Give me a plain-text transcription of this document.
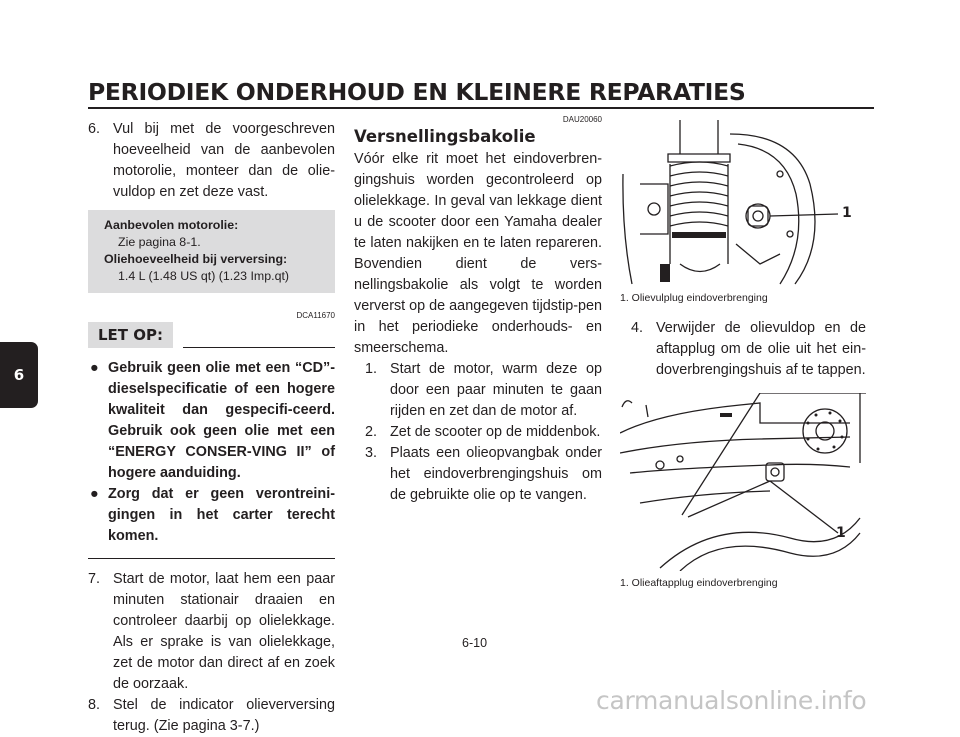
PERIODIEK ONDERHOUD EN KLEINERE REPARATIES
6
6. Vul bij met de voorgeschreven hoeveelheid van de aanbevolen motorolie, monteer dan de olie-vuldop en zet deze vast.
Aanbevolen motorolie:
Zie pagina 8-1.
Oliehoeveelheid bij verversing:
1.4 L (1.48 US qt) (1.23 Imp.qt)
DCA11670
LET OP:
● Gebruik geen olie met een “CD”-dieselspecificatie of een hogere kwaliteit dan gespecifi-ceerd. Gebruik ook geen olie met een “ENERGY CONSER-VING II” of hogere aanduiding.
● Zorg dat er geen verontreini-gingen in het carter terecht komen.
7. Start de motor, laat hem een paar minuten stationair draaien en controleer daarbij op olielekkage. Als er sprake is van olielekkage, zet de motor dan direct af en zoek de oorzaak.
8. Stel de indicator olieverversing terug. (Zie pagina 3-7.)
DAU20060
Versnellingsbakolie

Vóór elke rit moet het eindoverbren-gingshuis worden gecontroleerd op olielekkage. In geval van lekkage dient u de scooter door een Yamaha dealer te laten nakijken en te laten repareren. Bovendien dient de vers-nellingsbakolie als volgt te worden ververst op de aangegeven tijdstip-pen in het periodieke onderhouds- en smeerschema.

1. Start de motor, warm deze op door een paar minuten te gaan rijden en zet dan de motor af.
2. Zet de scooter op de middenbok.
3. Plaats een olieopvangbak onder het eindoverbrengingshuis om de gebruikte olie op te vangen.
1
1. Olievulplug eindoverbrenging
4. Verwijder de olievuldop en de aftapplug om de olie uit het ein-doverbrengingshuis af te tappen.
1
1. Olieaftapplug eindoverbrenging
6-10
carmanualsonline.info
